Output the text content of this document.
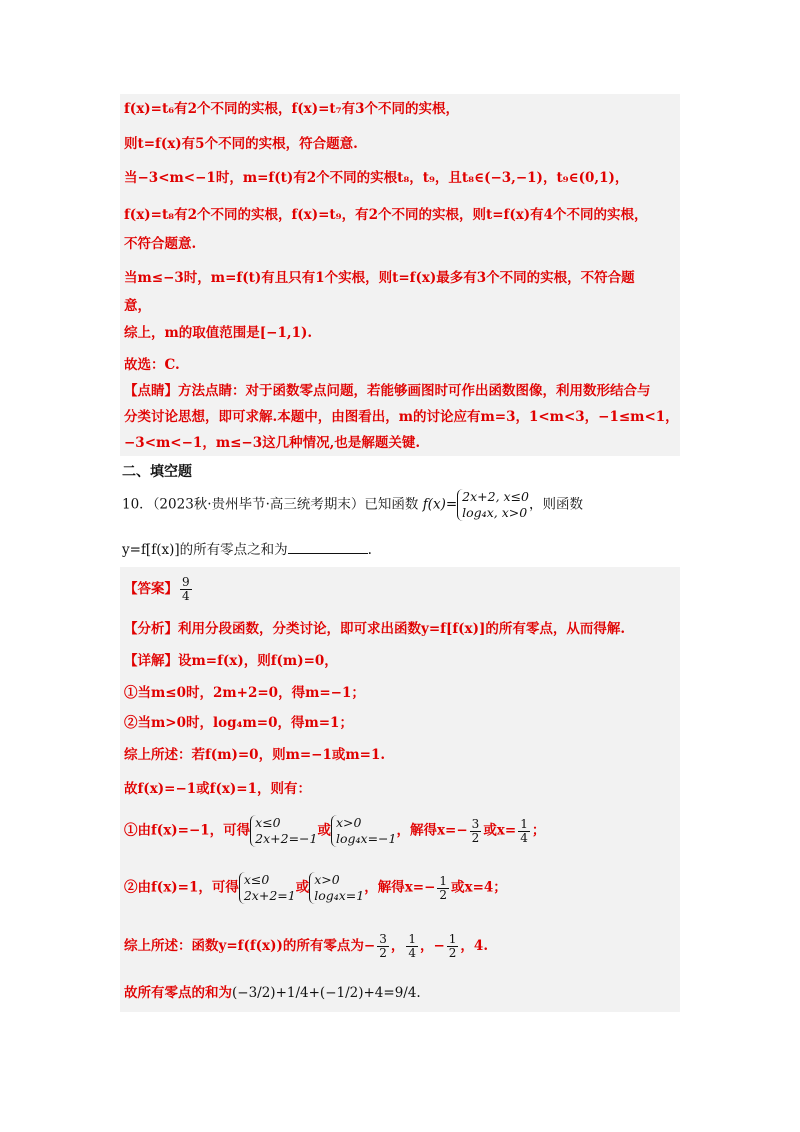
f(x)=t₆有2个不同的实根，f(x)=t₇有3个不同的实根，
则t=f(x)有5个不同的实根，符合题意.
当−3<m<−1时，m=f(t)有2个不同的实根t₈，t₉，且t₈∈(−3,−1)，t₉∈(0,1)，
f(x)=t₈有2个不同的实根，f(x)=t₉，有2个不同的实根，则t=f(x)有4个不同的实根，
不符合题意.
当m≤−3时，m=f(t)有且只有1个实根，则t=f(x)最多有3个不同的实根，不符合题
意，
综上，m的取值范围是[−1,1).
故选：C.
【点睛】方法点睛：对于函数零点问题，若能够画图时可作出函数图像，利用数形结合与
分类讨论思想，即可求解.本题中，由图看出，m的讨论应有m=3，1<m<3，−1≤m<1，
−3<m<−1，m≤−3这几种情况,也是解题关键.
二、填空题
10．（2023秋·贵州毕节·高三统考期末）已知函数 f(x)= 2x+2, x≤0
log₄x, x>0 ，则函数
y=f[f(x)]的所有零点之和为	.
【答案】 $\frac{9}{4}$
【分析】利用分段函数，分类讨论，即可求出函数y=f[f(x)]的所有零点，从而得解.
【详解】设m=f(x)，则f(m)=0，
①当m≤0时，2m+2=0，得m=−1；
②当m>0时，log₄m=0，得m=1；
综上所述：若f(m)=0，则m=−1或m=1.
故f(x)=−1或f(x)=1，则有：
①由f(x)=−1，可得 x≤0
2x+2=−1 或 x>0
log₄x=−1 ，解得$x=- \frac{3}{2}$ 或$x= \frac{1}{4}$ ；
②由f(x)=1，可得 x≤0
2x+2=1 或 x>0
log₄x=1 ，解得$x=- \frac{1}{2}$ 或x=4；
综上所述：函数y=f(f(x))的所有零点为− $\frac{3}{2}$ ， $\frac{1}{4}$ ，− $\frac{1}{2}$ ，4.
故所有零点的和为(−3/2)+1/4+(−1/2)+4=9/4.
